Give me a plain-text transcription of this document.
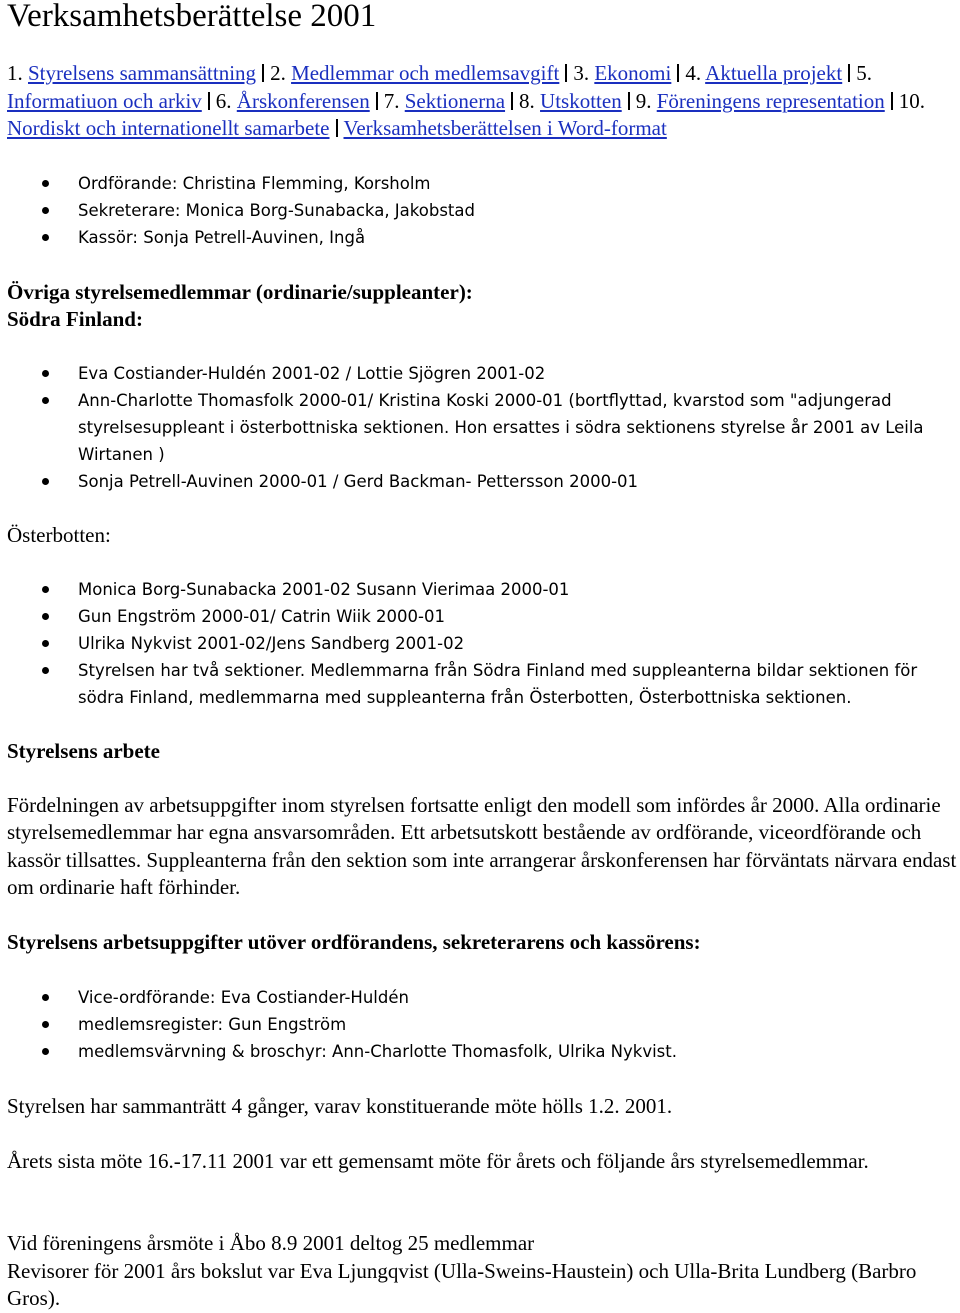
Verksamhetsberättelse 2001
1. Styrelsens sammansättning 2. Medlemmar och medlemsavgift 3. Ekonomi 4. Aktuella projekt 5. Informatiuon och arkiv 6. Årskonferensen 7. Sektionerna 8. Utskotten 9. Föreningens representation 10. Nordiskt och internationellt samarbete Verksamhetsberättelsen i Word-format
Ordförande: Christina Flemming, Korsholm
Sekreterare: Monica Borg-Sunabacka, Jakobstad
Kassör: Sonja Petrell-Auvinen, Ingå

Övriga styrelsemedlemmar (ordinarie/suppleanter):

Södra Finland:

Eva Costiander-Huldén 2001-02 / Lottie Sjögren 2001-02
Ann-Charlotte Thomasfolk 2000-01/ Kristina Koski 2000-01 (bortflyttad, kvarstod som "adjungerad styrelsesuppleant i österbottniska sektionen. Hon ersattes i södra sektionens styrelse år 2001 av Leila Wirtanen )
Sonja Petrell-Auvinen 2000-01 / Gerd Backman- Pettersson 2000-01

Österbotten:

Monica Borg-Sunabacka 2001-02 Susann Vierimaa 2000-01
Gun Engström 2000-01/ Catrin Wiik 2000-01
Ulrika Nykvist 2001-02/Jens Sandberg 2001-02
Styrelsen har två sektioner. Medlemmarna från Södra Finland med suppleanterna bildar sektionen för södra Finland, medlemmarna med suppleanterna från Österbotten, Österbottniska sektionen.

Styrelsens arbete

Fördelningen av arbetsuppgifter inom styrelsen fortsatte enligt den modell som infördes år 2000. Alla ordinarie styrelsemedlemmar har egna ansvarsområden. Ett arbetsutskott bestående av ordförande, viceordförande och kassör tillsattes. Suppleanterna från den sektion som inte arrangerar årskonferensen har förväntats närvara endast om ordinarie haft förhinder.

Styrelsens arbetsuppgifter utöver ordförandens, sekreterarens och kassörens:

Vice-ordförande: Eva Costiander-Huldén
medlemsregister: Gun Engström
medlemsvärvning & broschyr: Ann-Charlotte Thomasfolk, Ulrika Nykvist.

Styrelsen har sammanträtt 4 gånger, varav konstituerande möte hölls 1.2. 2001.

Årets sista möte 16.-17.11 2001 var ett gemensamt möte för årets och följande års styrelsemedlemmar.

Vid föreningens årsmöte i Åbo 8.9 2001 deltog 25 medlemmar

Revisorer för 2001 års bokslut var Eva Ljungqvist (Ulla-Sweins-Haustein) och Ulla-Brita Lundberg (Barbro Gros).
